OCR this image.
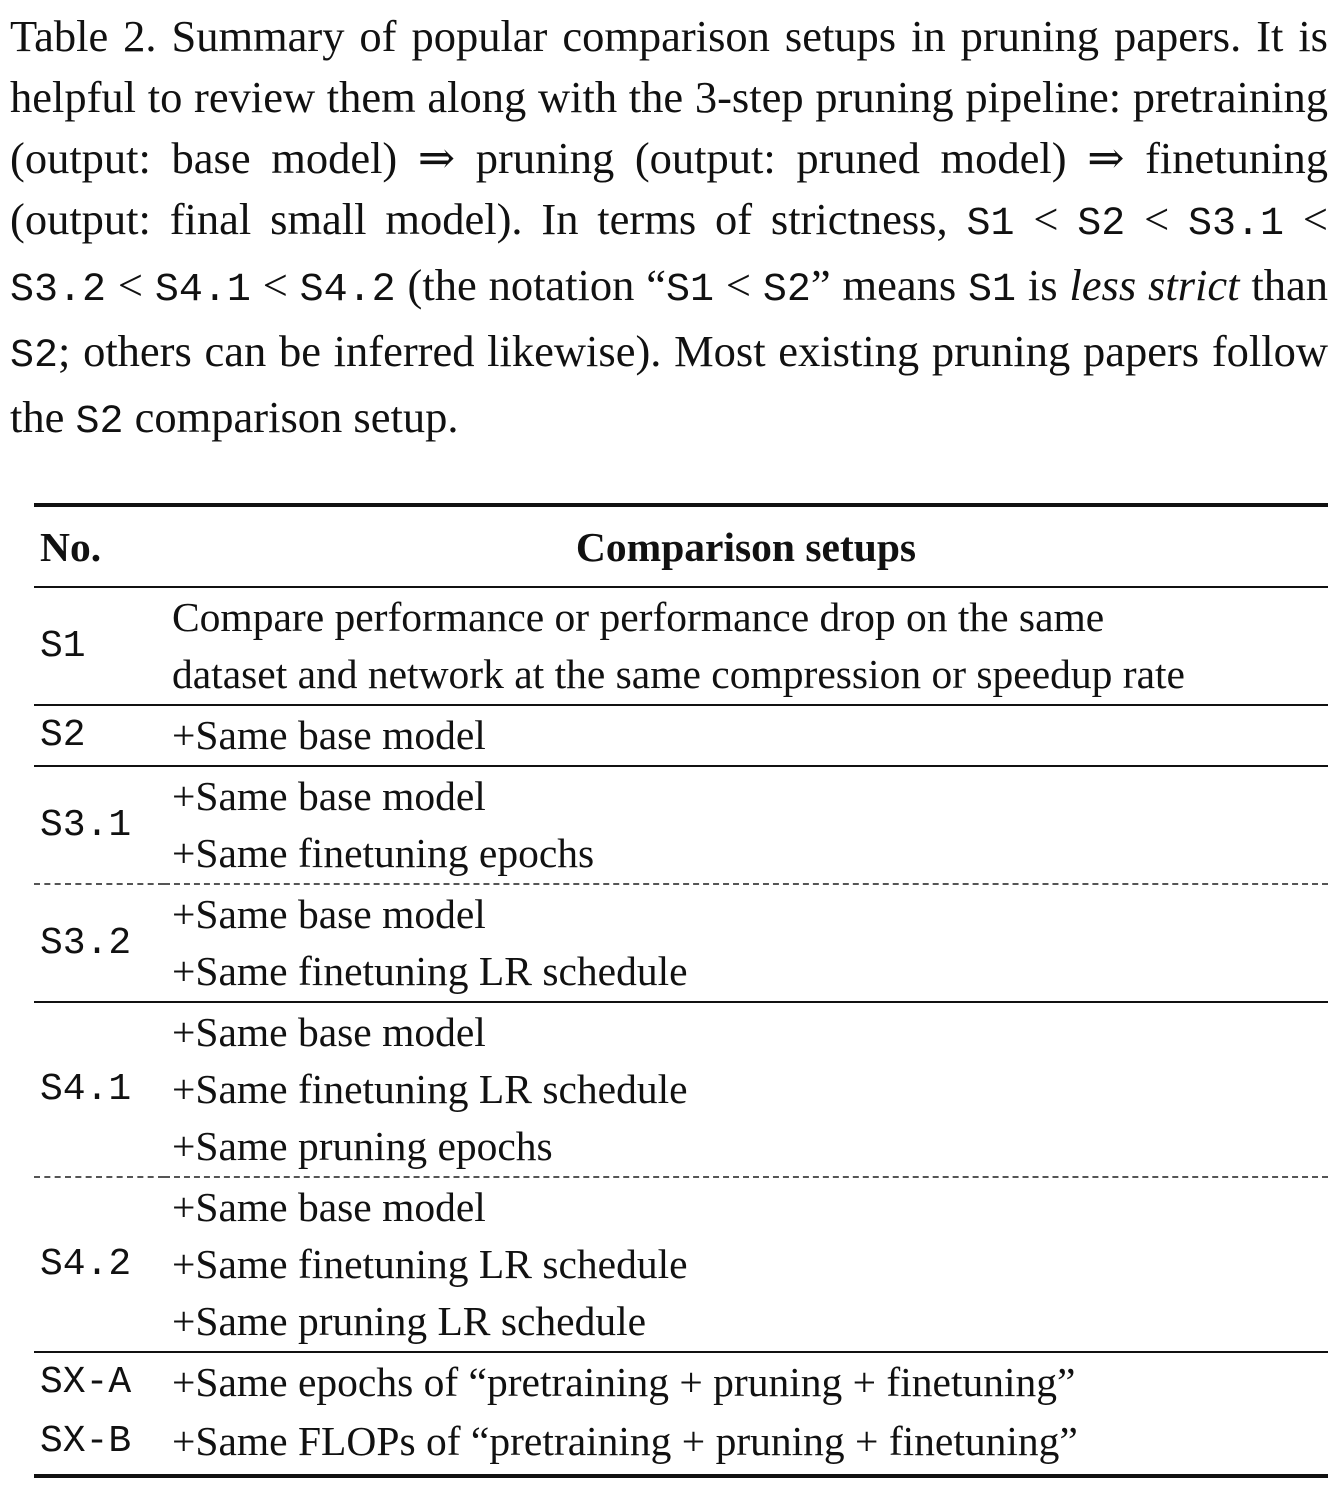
Table 2. Summary of popular comparison setups in pruning papers. It is helpful to review them along with the 3-step pruning pipeline: pretraining (output: base model) ⇒ pruning (output: pruned model) ⇒ finetuning (output: final small model). In terms of strictness, S1 < S2 < S3.1 < S3.2 < S4.1 < S4.2 (the notation “S1 < S2” means S1 is less strict than S2; others can be inferred likewise). Most existing pruning papers follow the S2 comparison setup.

No.	Comparison setups
S1	Compare performance or performance drop on the same
dataset and network at the same compression or speedup rate

S2	+Same base model

S3.1	+Same base model
+Same finetuning epochs

S3.2	+Same base model
+Same finetuning LR schedule

S4.1	+Same base model
+Same finetuning LR schedule
+Same pruning epochs

S4.2	+Same base model
+Same finetuning LR schedule
+Same pruning LR schedule

SX-A	+Same epochs of “pretraining + pruning + finetuning”

SX-B	+Same FLOPs of “pretraining + pruning + finetuning”
